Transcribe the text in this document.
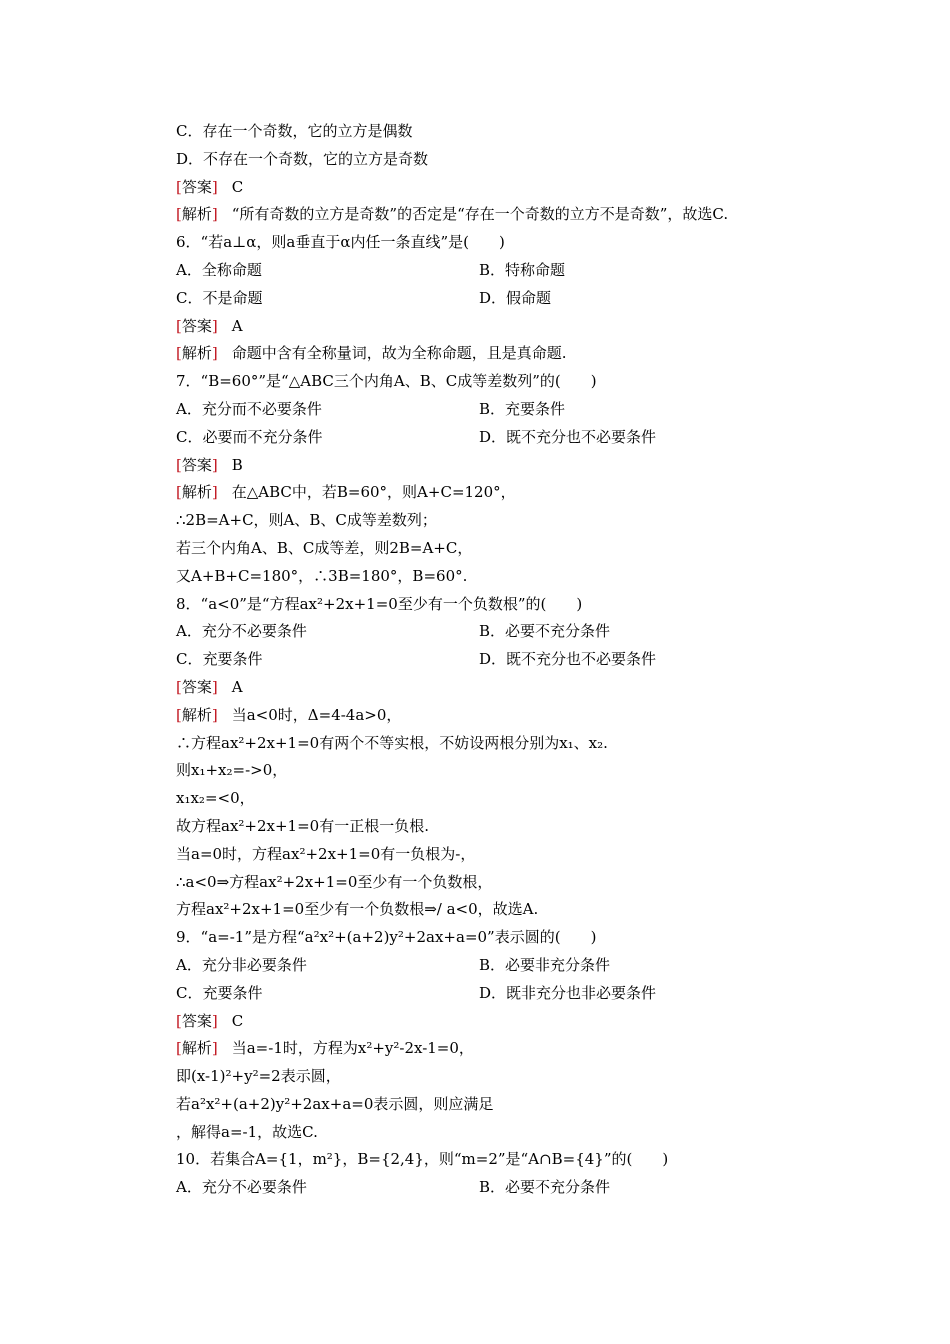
C．存在一个奇数，它的立方是偶数
D．不存在一个奇数，它的立方是奇数
[答案] C
[解析] “所有奇数的立方是奇数”的否定是“存在一个奇数的立方不是奇数”，故选C.
6．“若a⊥α，则a垂直于α内任一条直线”是(　　)
A．全称命题	B．特称命题
C．不是命题	D．假命题
[答案] A
[解析] 命题中含有全称量词，故为全称命题，且是真命题.
7．“B=60°”是“△ABC三个内角A、B、C成等差数列”的(　　)
A．充分而不必要条件	B．充要条件
C．必要而不充分条件	D．既不充分也不必要条件
[答案] B
[解析] 在△ABC中，若B=60°，则A+C=120°，
∴2B=A+C，则A、B、C成等差数列；
若三个内角A、B、C成等差，则2B=A+C，
又A+B+C=180°，∴3B=180°，B=60°.
8．“a<0”是“方程ax²+2x+1=0至少有一个负数根”的(　　)
A．充分不必要条件	B．必要不充分条件
C．充要条件	D．既不充分也不必要条件
[答案] A
[解析] 当a<0时，Δ=4-4a>0，
∴方程ax²+2x+1=0有两个不等实根，不妨设两根分别为x₁、x₂.
则x₁+x₂=->0，
x₁x₂=<0，
故方程ax²+2x+1=0有一正根一负根.
当a=0时，方程ax²+2x+1=0有一负根为-，
∴a<0⇒方程ax²+2x+1=0至少有一个负数根，
方程ax²+2x+1=0至少有一个负数根⇒/ a<0，故选A.
9．“a=-1”是方程“a²x²+(a+2)y²+2ax+a=0”表示圆的(　　)
A．充分非必要条件	B．必要非充分条件
C．充要条件	D．既非充分也非必要条件
[答案] C
[解析] 当a=-1时，方程为x²+y²-2x-1=0，
即(x-1)²+y²=2表示圆，
若a²x²+(a+2)y²+2ax+a=0表示圆，则应满足
，解得a=-1，故选C.
10．若集合A={1，m²}，B={2,4}，则“m=2”是“A∩B={4}”的(　　)
A．充分不必要条件	B．必要不充分条件
